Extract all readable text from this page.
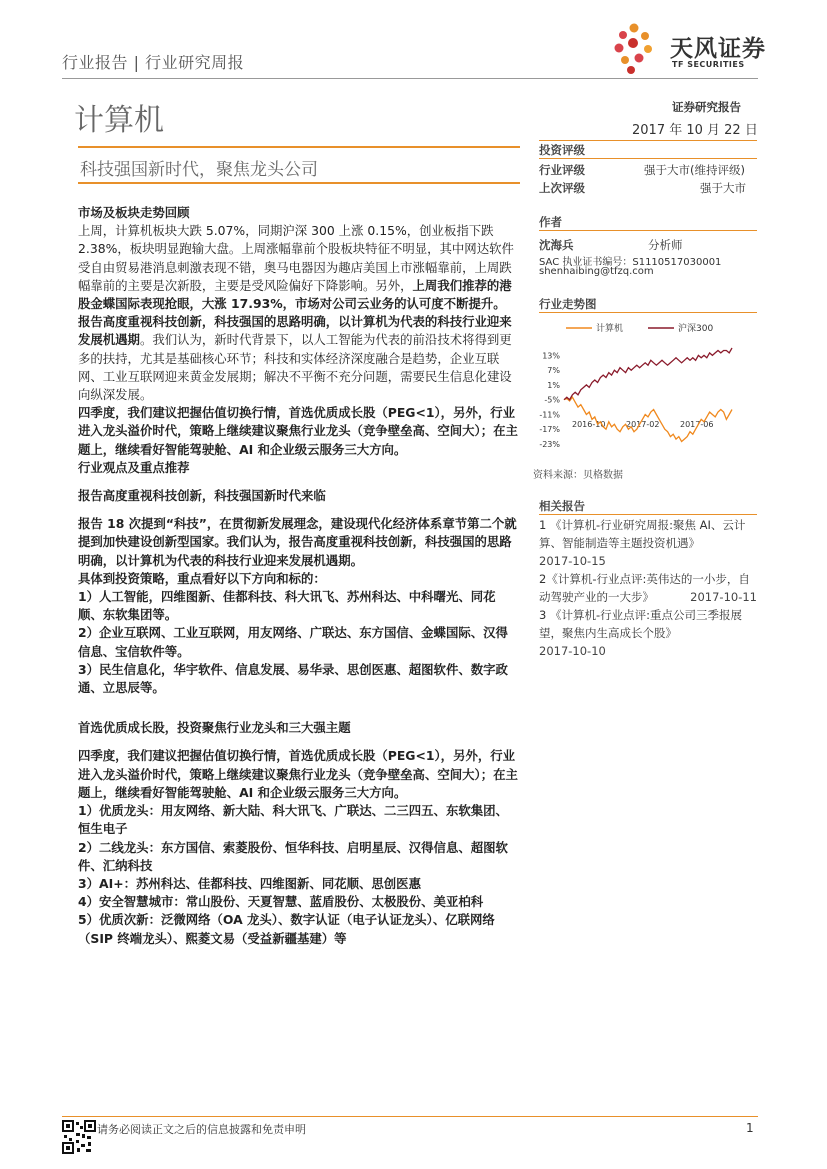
行业报告 | 行业研究周报
天风证券
TF SECURITIES
计算机	证券研究报告
2017 年 10 月 22 日
科技强国新时代，聚焦龙头公司
投资评级
行业评级	强于大市(维持评级)
上次评级	强于大市
作者
沈海兵	分析师
SAC 执业证书编号：S1110517030001
shenhaibing@tfzq.com
行业走势图
计算机	沪深300
13%
7%
1%
-5%
-11%
-17%
-23%
2016-10	2017-02	2017-06
资料来源：贝格数据
相关报告

1 《计算机-行业研究周报:聚焦 AI、云计算、智能制造等主题投资机遇》

2017-10-15

2《计算机-行业点评:英伟达的一小步，自动驾驶产业的一大步》	2017-10-11

3 《计算机-行业点评:重点公司三季报展望，聚焦内生高成长个股》

2017-10-10

市场及板块走势回顾

上周，计算机板块大跌 5.07%，同期沪深 300 上涨 0.15%，创业板指下跌 2.38%，板块明显跑输大盘。上周涨幅靠前个股板块特征不明显，其中网达软件受自由贸易港消息刺激表现不错，奥马电器因为趣店美国上市涨幅靠前，上周跌幅靠前的主要是次新股，主要是受风险偏好下降影响。另外，上周我们推荐的港股金蝶国际表现抢眼，大涨 17.93%，市场对公司云业务的认可度不断提升。

报告高度重视科技创新，科技强国的思路明确，以计算机为代表的科技行业迎来发展机遇期。我们认为，新时代背景下，以人工智能为代表的前沿技术将得到更多的扶持，尤其是基础核心环节；科技和实体经济深度融合是趋势，企业互联网、工业互联网迎来黄金发展期；解决不平衡不充分问题，需要民生信息化建设向纵深发展。

四季度，我们建议把握估值切换行情，首选优质成长股（PEG<1），另外，行业进入龙头溢价时代，策略上继续建议聚焦行业龙头（竞争壁垒高、空间大）；在主题上，继续看好智能驾驶舱、AI 和企业级云服务三大方向。

行业观点及重点推荐

报告高度重视科技创新，科技强国新时代来临

报告 18 次提到“科技”，在贯彻新发展理念，建设现代化经济体系章节第二个就提到加快建设创新型国家。我们认为，报告高度重视科技创新，科技强国的思路明确，以计算机为代表的科技行业迎来发展机遇期。

具体到投资策略，重点看好以下方向和标的：

1）人工智能，四维图新、佳都科技、科大讯飞、苏州科达、中科曙光、同花顺、东软集团等。

2）企业互联网、工业互联网，用友网络、广联达、东方国信、金蝶国际、汉得信息、宝信软件等。

3）民生信息化，华宇软件、信息发展、易华录、思创医惠、超图软件、数字政通、立思辰等。

首选优质成长股，投资聚焦行业龙头和三大强主题

四季度，我们建议把握估值切换行情，首选优质成长股（PEG<1），另外，行业进入龙头溢价时代，策略上继续建议聚焦行业龙头（竞争壁垒高、空间大）；在主题上，继续看好智能驾驶舱、AI 和企业级云服务三大方向。

1）优质龙头：用友网络、新大陆、科大讯飞、广联达、二三四五、东软集团、恒生电子

2）二线龙头：东方国信、索菱股份、恒华科技、启明星辰、汉得信息、超图软件、汇纳科技

3）AI+：苏州科达、佳都科技、四维图新、同花顺、思创医惠

4）安全智慧城市：常山股份、天夏智慧、蓝盾股份、太极股份、美亚柏科

5）优质次新：泛微网络（OA 龙头）、数字认证（电子认证龙头）、亿联网络（SIP 终端龙头）、熙菱文易（受益新疆基建）等

请务必阅读正文之后的信息披露和免责申明	1
